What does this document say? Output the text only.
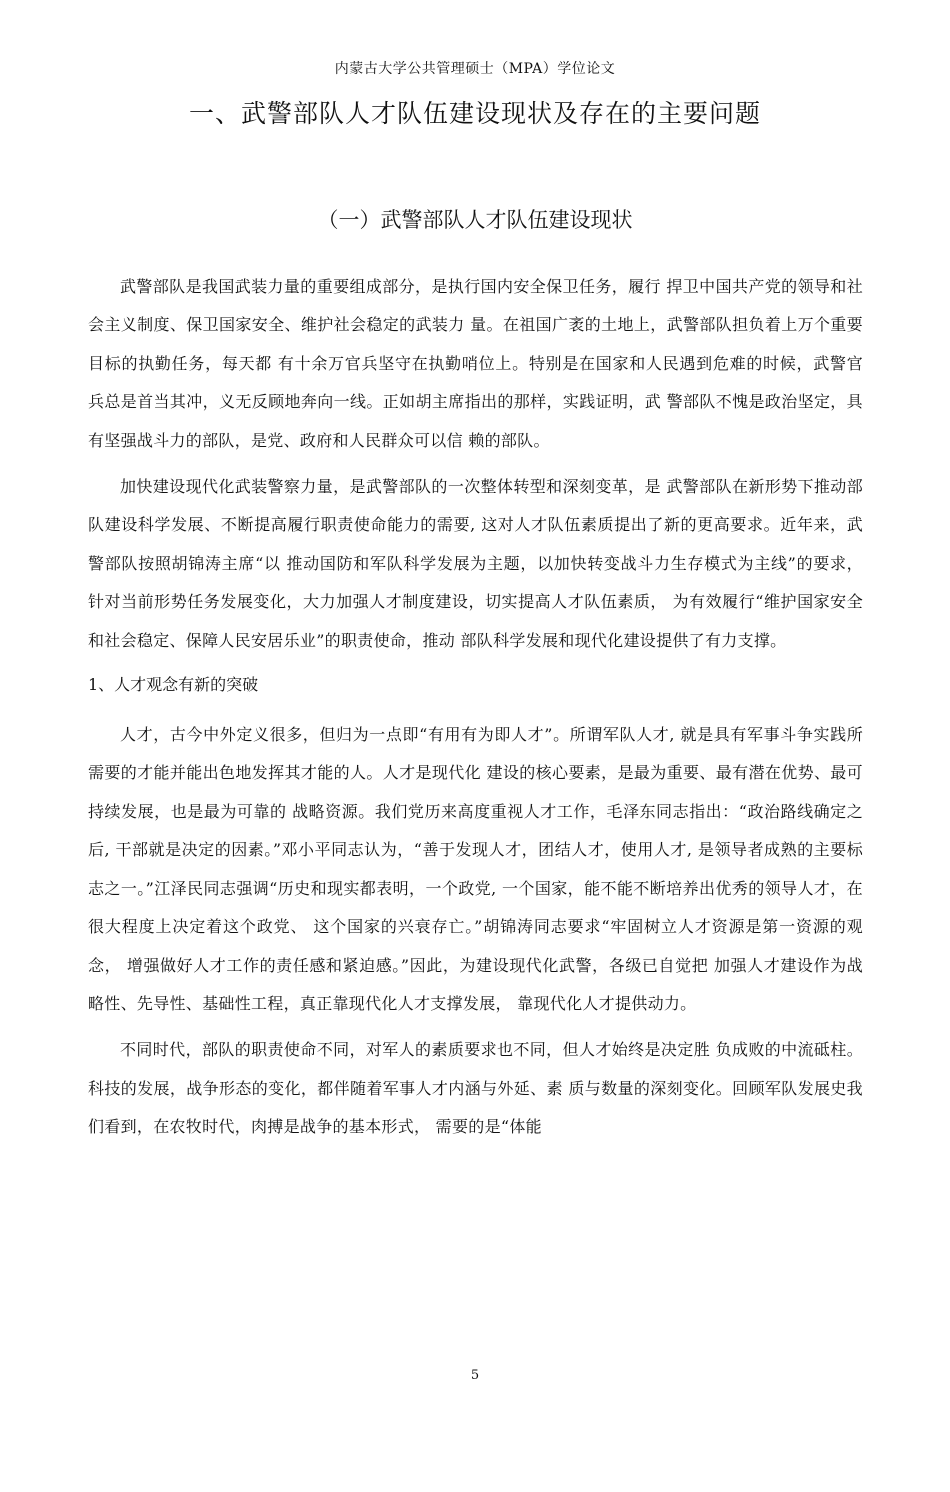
内蒙古大学公共管理硕士（MPA）学位论文
一、武警部队人才队伍建设现状及存在的主要问题
（一）武警部队人才队伍建设现状

武警部队是我国武装力量的重要组成部分，是执行国内安全保卫任务，履行 捍卫中国共产党的领导和社会主义制度、保卫国家安全、维护社会稳定的武装力 量。在祖国广袤的土地上，武警部队担负着上万个重要目标的执勤任务，每天都 有十余万官兵坚守在执勤哨位上。特别是在国家和人民遇到危难的时候，武警官 兵总是首当其冲，义无反顾地奔向一线。正如胡主席指出的那样，实践证明，武 警部队不愧是政治坚定，具有坚强战斗力的部队，是党、政府和人民群众可以信 赖的部队。

加快建设现代化武装警察力量，是武警部队的一次整体转型和深刻变革，是 武警部队在新形势下推动部队建设科学发展、不断提高履行职责使命能力的需要, 这对人才队伍素质提出了新的更高要求。近年来，武警部队按照胡锦涛主席“以 推动国防和军队科学发展为主题，以加快转变战斗力生存模式为主线”的要求， 针对当前形势任务发展变化，大力加强人才制度建设，切实提高人才队伍素质， 为有效履行“维护国家安全和社会稳定、保障人民安居乐业”的职责使命，推动 部队科学发展和现代化建设提供了有力支撑。

1、人才观念有新的突破

人才，古今中外定义很多，但归为一点即“有用有为即人才”。所谓军队人才, 就是具有军事斗争实践所需要的才能并能出色地发挥其才能的人。人才是现代化 建设的核心要素，是最为重要、最有潜在优势、最可持续发展，也是最为可靠的 战略资源。我们党历来高度重视人才工作，毛泽东同志指出：“政治路线确定之后, 干部就是决定的因素。”邓小平同志认为，“善于发现人才，团结人才，使用人才, 是领导者成熟的主要标志之一。”江泽民同志强调“历史和现实都表明，一个政党, 一个国家，能不能不断培养出优秀的领导人才，在很大程度上决定着这个政党、 这个国家的兴衰存亡。”胡锦涛同志要求“牢固树立人才资源是第一资源的观念， 增强做好人才工作的责任感和紧迫感。”因此，为建设现代化武警，各级已自觉把 加强人才建设作为战略性、先导性、基础性工程，真正靠现代化人才支撑发展， 靠现代化人才提供动力。

不同时代，部队的职责使命不同，对军人的素质要求也不同，但人才始终是决定胜 负成败的中流砥柱。科技的发展，战争形态的变化，都伴随着军事人才内涵与外延、素 质与数量的深刻变化。回顾军队发展史我们看到，在农牧时代，肉搏是战争的基本形式， 需要的是“体能

5
